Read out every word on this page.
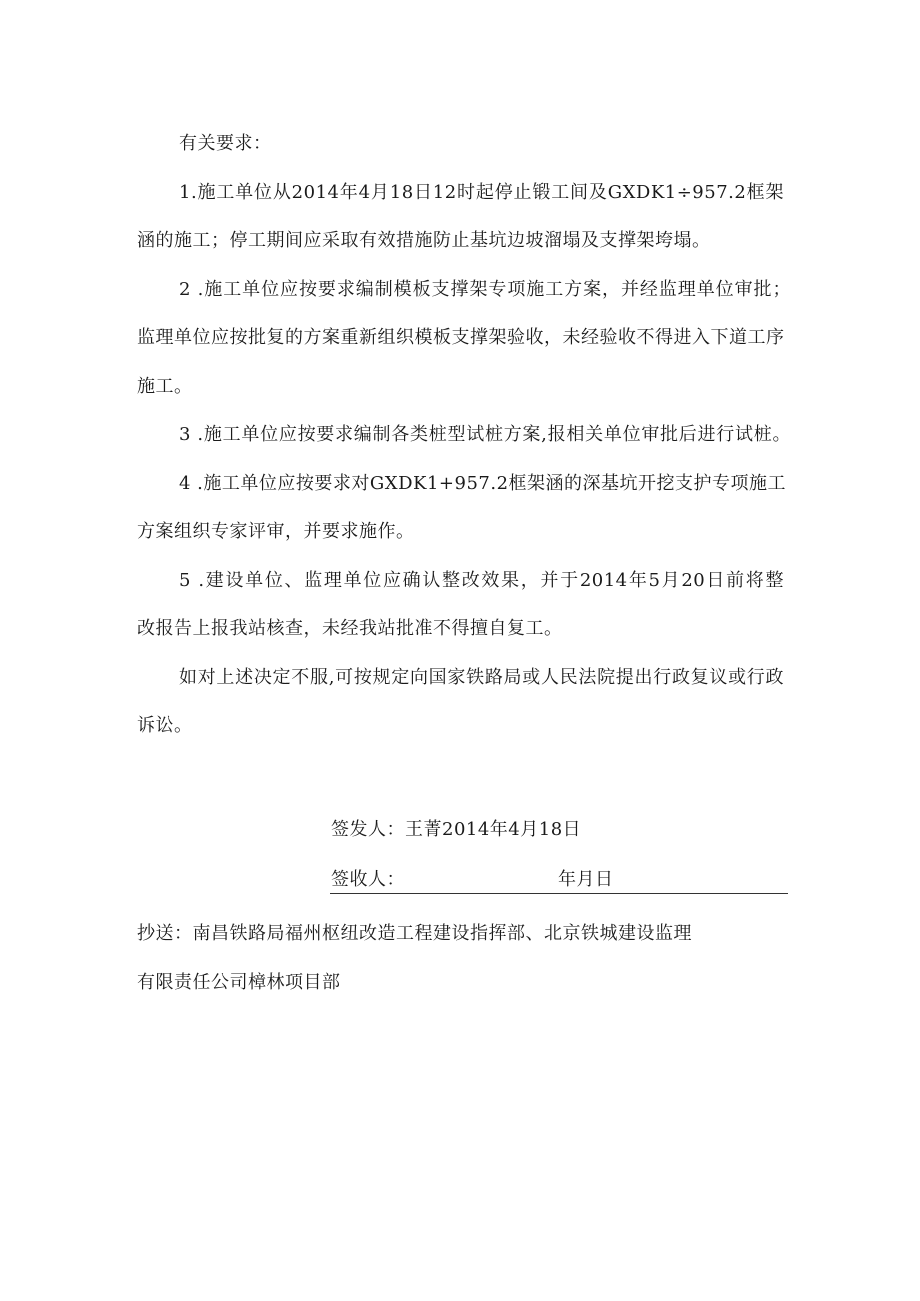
有关要求：
1.施工单位从2014年4月18日12时起停止锻工间及GXDK1÷957.2框架
涵的施工；停工期间应采取有效措施防止基坑边坡溜塌及支撑架垮塌。
2 .施工单位应按要求编制模板支撑架专项施工方案，并经监理单位审批；
监理单位应按批复的方案重新组织模板支撑架验收，未经验收不得进入下道工序
施工。
3 .施工单位应按要求编制各类桩型试桩方案,报相关单位审批后进行试桩。
4 .施工单位应按要求对GXDK1+957.2框架涵的深基坑开挖支护专项施工
方案组织专家评审，并要求施作。
5 .建设单位、监理单位应确认整改效果，并于2014年5月20日前将整
改报告上报我站核查，未经我站批准不得擅自复工。
如对上述决定不服,可按规定向国家铁路局或人民法院提出行政复议或行政
诉讼。
签发人：王菁2014年4月18日
签收人：	年月日
抄送：南昌铁路局福州枢纽改造工程建设指挥部、北京铁城建设监理
有限责任公司樟林项目部
